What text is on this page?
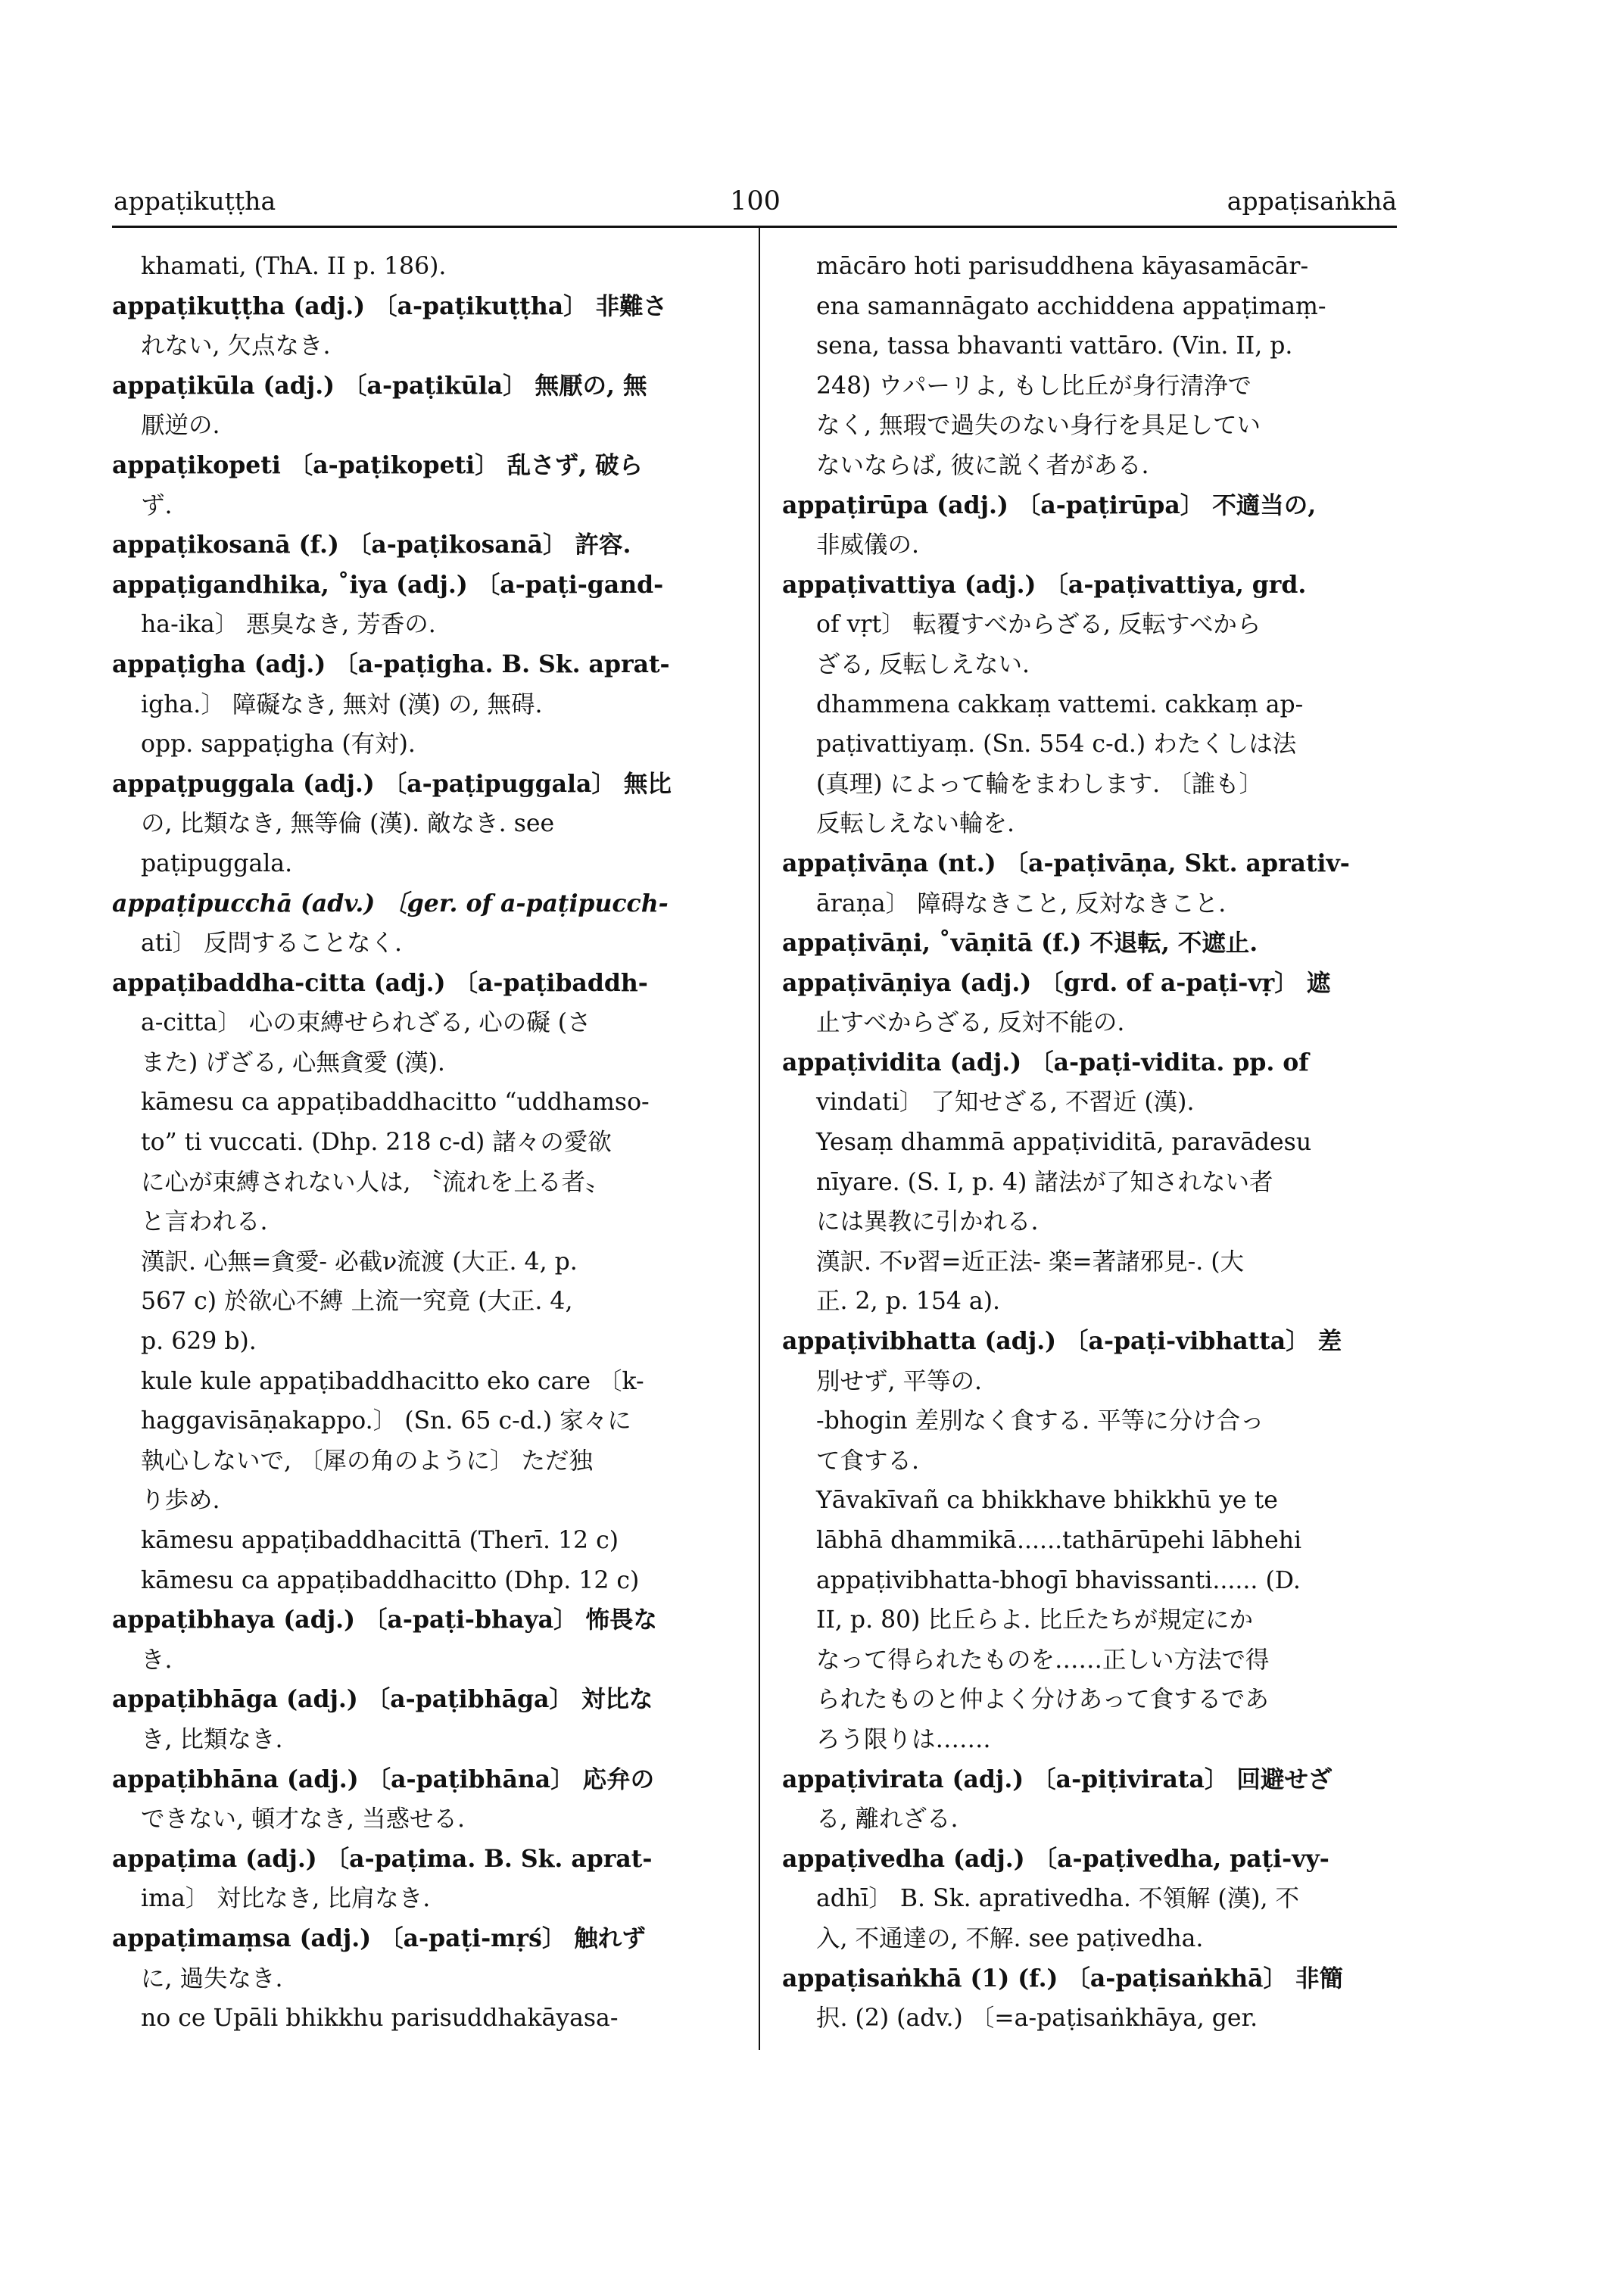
appaṭikuṭṭha	100	appaṭisaṅkhā
khamati, (ThA. II p. 186).
appaṭikuṭṭha (adj.) 〔a-paṭikuṭṭha〕 非難さ
れない, 欠点なき.
appaṭikūla (adj.) 〔a-paṭikūla〕 無厭の, 無
厭逆の.
appaṭikopeti 〔a-paṭikopeti〕 乱さず, 破ら
ず.
appaṭikosanā (f.) 〔a-paṭikosanā〕 許容.
appaṭigandhika, ˚iya (adj.) 〔a-paṭi-gand-
ha-ika〕 悪臭なき, 芳香の.
appaṭigha (adj.) 〔a-paṭigha. B. Sk. aprat-
igha.〕 障礙なき, 無対 (漢) の, 無碍.
opp. sappaṭigha (有対).
appaṭpuggala (adj.) 〔a-paṭipuggala〕 無比
の, 比類なき, 無等倫 (漢). 敵なき. see
paṭipuggala.
appaṭipucchā (adv.) 〔ger. of a-paṭipucch-
ati〕 反問することなく.
appaṭibaddha-citta (adj.) 〔a-paṭibaddh-
a-citta〕 心の束縛せられざる, 心の礙 (さ
また) げざる, 心無貪愛 (漢).
kāmesu ca appaṭibaddhacitto “uddhamso-
to” ti vuccati. (Dhp. 218 c-d) 諸々の愛欲
に心が束縛されない人は, 〝流れを上る者〟
と言われる.
漢訳. 心無=貪愛- 必截ν流渡 (大正. 4, p.
567 c) 於欲心不縛 上流一究竟 (大正. 4,
p. 629 b).
kule kule appaṭibaddhacitto eko care 〔k-
haggavisāṇakappo.〕 (Sn. 65 c-d.) 家々に
執心しないで, 〔犀の角のように〕 ただ独
り歩め.
kāmesu appaṭibaddhacittā (Therī. 12 c)
kāmesu ca appaṭibaddhacitto (Dhp. 12 c)
appaṭibhaya (adj.) 〔a-paṭi-bhaya〕 怖畏な
き.
appaṭibhāga (adj.) 〔a-paṭibhāga〕 対比な
き, 比類なき.
appaṭibhāna (adj.) 〔a-paṭibhāna〕 応弁の
できない, 頓才なき, 当惑せる.
appaṭima (adj.) 〔a-paṭima. B. Sk. aprat-
ima〕 対比なき, 比肩なき.
appaṭimaṃsa (adj.) 〔a-paṭi-mṛś〕 触れず
に, 過失なき.
no ce Upāli bhikkhu parisuddhakāyasa-
mācāro hoti parisuddhena kāyasamācār-
ena samannāgato acchiddena appaṭimaṃ-
sena, tassa bhavanti vattāro. (Vin. II, p.
248) ウパーリよ, もし比丘が身行清浄で
なく, 無瑕で過失のない身行を具足してい
ないならば, 彼に説く者がある.
appaṭirūpa (adj.) 〔a-paṭirūpa〕 不適当の,
非威儀の.
appaṭivattiya (adj.) 〔a-paṭivattiya, grd.
of vṛt〕 転覆すべからざる, 反転すべから
ざる, 反転しえない.
dhammena cakkaṃ vattemi. cakkaṃ ap-
paṭivattiyaṃ. (Sn. 554 c-d.) わたくしは法
(真理) によって輪をまわします. 〔誰も〕
反転しえない輪を.
appaṭivāṇa (nt.) 〔a-paṭivāṇa, Skt. aprativ-
āraṇa〕 障碍なきこと, 反対なきこと.
appaṭivāṇi, ˚vāṇitā (f.) 不退転, 不遮止.
appaṭivāṇiya (adj.) 〔grd. of a-paṭi-vṛ〕 遮
止すべからざる, 反対不能の.
appaṭividita (adj.) 〔a-paṭi-vidita. pp. of
vindati〕 了知せざる, 不習近 (漢).
Yesaṃ dhammā appaṭividitā, paravādesu
nīyare. (S. I, p. 4) 諸法が了知されない者
には異教に引かれる.
漢訳. 不ν習=近正法- 楽=著諸邪見-. (大
正. 2, p. 154 a).
appaṭivibhatta (adj.) 〔a-paṭi-vibhatta〕 差
別せず, 平等の.
-bhogin 差別なく食する. 平等に分け合っ
て食する.
Yāvakīvañ ca bhikkhave bhikkhū ye te
lābhā dhammikā......tathārūpehi lābhehi
appaṭivibhatta-bhogī bhavissanti...... (D.
II, p. 80) 比丘らよ. 比丘たちが規定にか
なって得られたものを……正しい方法で得
られたものと仲よく分けあって食するであ
ろう限りは…….
appaṭivirata (adj.) 〔a-piṭivirata〕 回避せざ
る, 離れざる.
appaṭivedha (adj.) 〔a-paṭivedha, paṭi-vy-
adhī〕 B. Sk. aprativedha. 不領解 (漢), 不
入, 不通達の, 不解. see paṭivedha.
appaṭisaṅkhā (1) (f.) 〔a-paṭisaṅkhā〕 非簡
択. (2) (adv.) 〔=a-paṭisaṅkhāya, ger.
